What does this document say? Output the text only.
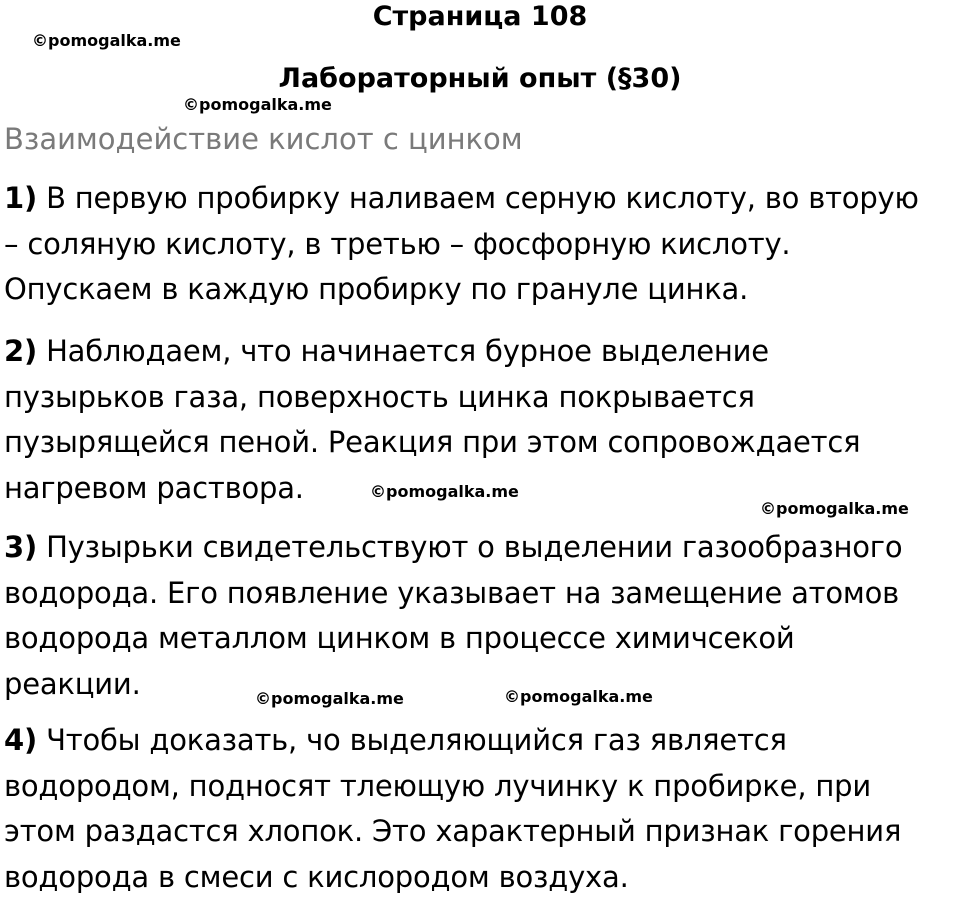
Страница 108
Лабораторный опыт (§30)

Взаимодействие кислот с цинком

1) В первую пробирку наливаем серную кислоту, во вторую
– соляную кислоту, в третью – фосфорную кислоту.
Опускаем в каждую пробирку по грануле цинка.

2) Наблюдаем, что начинается бурное выделение
пузырьков газа, поверхность цинка покрывается
пузырящейся пеной. Реакция при этом сопровождается
нагревом раствора.

3) Пузырьки свидетельствуют о выделении газообразного
водорода. Его появление указывает на замещение атомов
водорода металлом цинком в процессе химичсекой
реакции.

4) Чтобы доказать, чо выделяющийся газ является
водородом, подносят тлеющую лучинку к пробирке, при
этом раздастся хлопок. Это характерный признак горения
водорода в смеси с кислородом воздуха.

©pomogalka.me
©pomogalka.me
©pomogalka.me
©pomogalka.me
©pomogalka.me	©pomogalka.me
